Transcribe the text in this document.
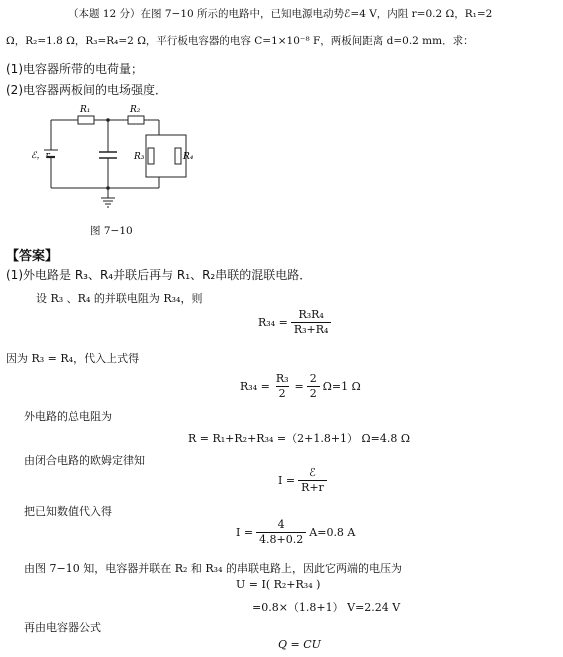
（本题 12 分）在图 7−10 所示的电路中，已知电源电动势ℰ=4 V，内阻 r=0.2 Ω，R₁=2
Ω，R₂=1.8 Ω，R₃=R₄=2 Ω，平行板电容器的电容 C=1×10⁻⁸ F，两板间距离 d=0.2 mm．求：
(1)电容器所带的电荷量；
(2)电容器两板间的电场强度．
ℰ，r
R₁	R₂
R₃	R₄
图 7−10
【答案】
(1)外电路是 R₃、R₄并联后再与 R₁、R₂串联的混联电路．
设 R₃ 、R₄ 的并联电阻为 R₃₄，则
$R_{34} = \frac{\text{R₃R₄}}{\text{R₃+R₄}}$
因为 R₃ = R₄，代入上式得
$R_{34} = \frac{\text{R₃}}{2} = \frac{2}{2} \Omega=1$ Ω
外电路的总电阻为
R = R₁+R₂+R₃₄ =（2+1.8+1） Ω=4.8 Ω
由闭合电路的欧姆定律知
$I = \frac{\text{ℰ}}{R+r}$
把已知数值代入得
$I = \frac{4}{4.8+0.2} A=0.8$ A
由图 7−10 知，电容器并联在 R₂ 和 R₃₄ 的串联电路上，因此它两端的电压为
U = I( R₂+R₃₄ )
=0.8×（1.8+1） V=2.24 V
再由电容器公式
Q = CU
